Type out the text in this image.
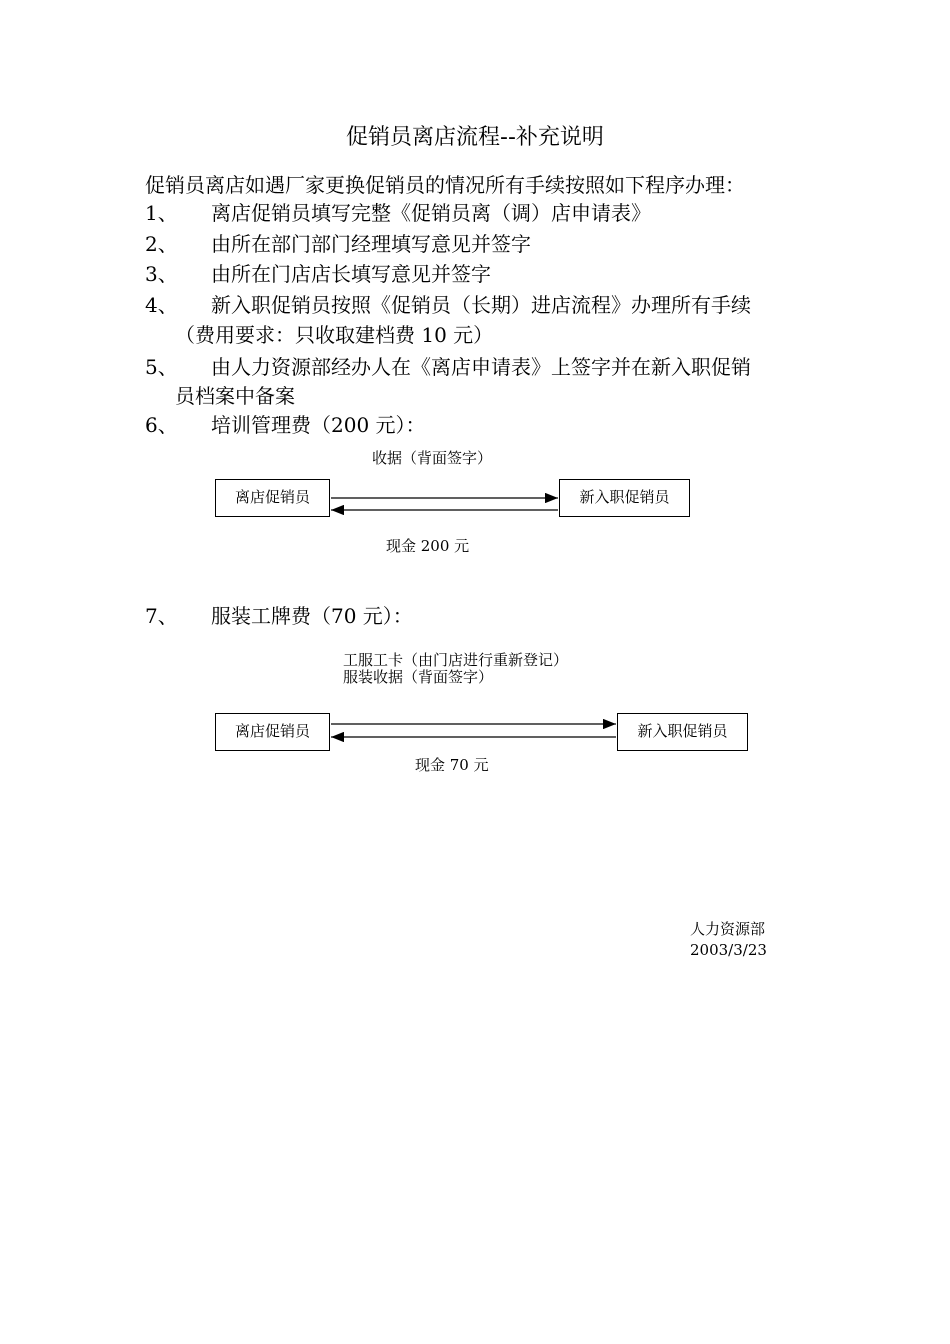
促销员离店流程--补充说明
促销员离店如遇厂家更换促销员的情况所有手续按照如下程序办理：
1、 离店促销员填写完整《促销员离（调）店申请表》
2、 由所在部门部门经理填写意见并签字
3、 由所在门店店长填写意见并签字
4、 新入职促销员按照《促销员（长期）进店流程》办理所有手续
（费用要求：只收取建档费 10 元）
5、 由人力资源部经办人在《离店申请表》上签字并在新入职促销
员档案中备案
6、 培训管理费（200 元）：
收据（背面签字）
离店促销员	新入职促销员
现金 200 元
7、 服装工牌费（70 元）：
工服工卡（由门店进行重新登记）
服装收据（背面签字）
离店促销员	新入职促销员
现金 70 元
人力资源部
2003/3/23
